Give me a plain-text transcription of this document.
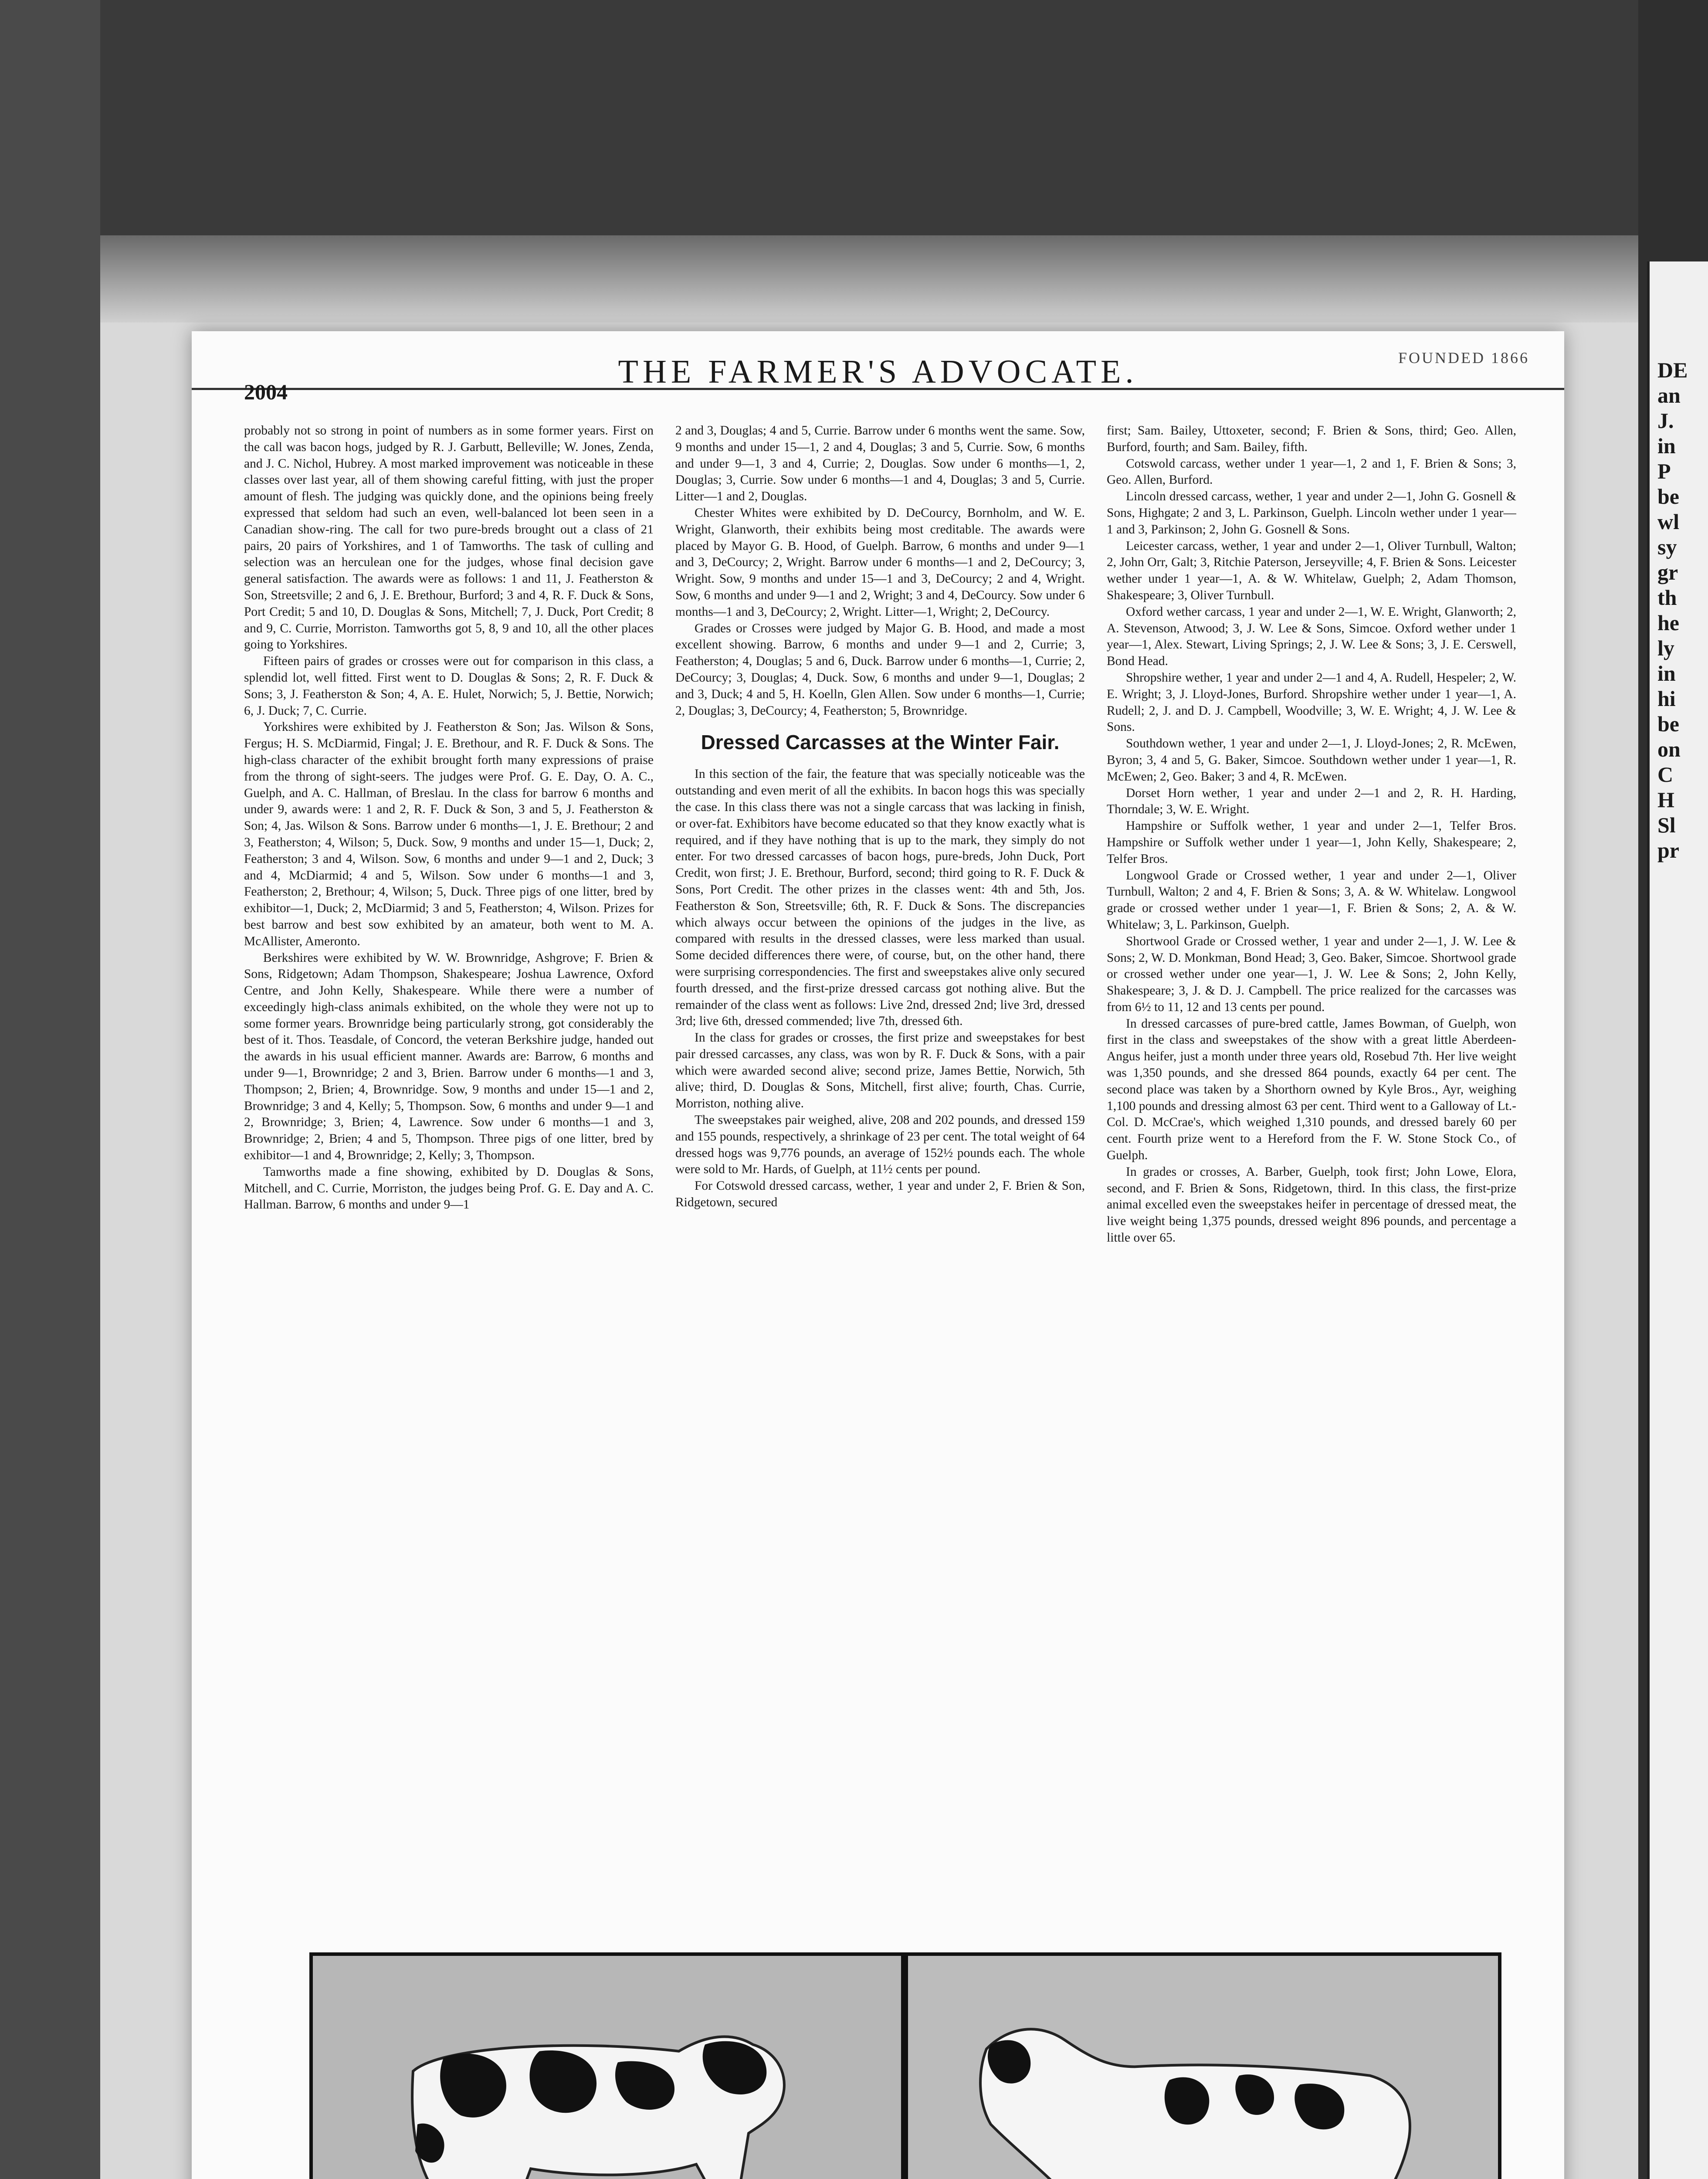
DE
an
J.
in
P
be
wl
sy
gr
th
he
ly
in
hi
be
on
C
H
Sl
pr
2004
THE FARMER'S ADVOCATE.	FOUNDED 1866

probably not so strong in point of numbers as in some former years. First on the call was bacon hogs, judged by R. J. Garbutt, Belleville; W. Jones, Zenda, and J. C. Nichol, Hubrey. A most marked improvement was noticeable in these classes over last year, all of them showing careful fitting, with just the proper amount of flesh. The judging was quickly done, and the opinions being freely expressed that seldom had such an even, well-balanced lot been seen in a Canadian show-ring. The call for two pure-breds brought out a class of 21 pairs, 20 pairs of Yorkshires, and 1 of Tamworths. The task of culling and selection was an herculean one for the judges, whose final decision gave general satisfaction. The awards were as follows: 1 and 11, J. Featherston & Son, Streetsville; 2 and 6, J. E. Brethour, Burford; 3 and 4, R. F. Duck & Sons, Port Credit; 5 and 10, D. Douglas & Sons, Mitchell; 7, J. Duck, Port Credit; 8 and 9, C. Currie, Morriston. Tamworths got 5, 8, 9 and 10, all the other places going to Yorkshires.

Fifteen pairs of grades or crosses were out for comparison in this class, a splendid lot, well fitted. First went to D. Douglas & Sons; 2, R. F. Duck & Sons; 3, J. Featherston & Son; 4, A. E. Hulet, Norwich; 5, J. Bettie, Norwich; 6, J. Duck; 7, C. Currie.

Yorkshires were exhibited by J. Featherston & Son; Jas. Wilson & Sons, Fergus; H. S. McDiarmid, Fingal; J. E. Brethour, and R. F. Duck & Sons. The high-class character of the exhibit brought forth many expressions of praise from the throng of sight-seers. The judges were Prof. G. E. Day, O. A. C., Guelph, and A. C. Hallman, of Breslau. In the class for barrow 6 months and under 9, awards were: 1 and 2, R. F. Duck & Son, 3 and 5, J. Featherston & Son; 4, Jas. Wilson & Sons. Barrow under 6 months—1, J. E. Brethour; 2 and 3, Featherston; 4, Wilson; 5, Duck. Sow, 9 months and under 15—1, Duck; 2, Featherston; 3 and 4, Wilson. Sow, 6 months and under 9—1 and 2, Duck; 3 and 4, McDiarmid; 4 and 5, Wilson. Sow under 6 months—1 and 3, Featherston; 2, Brethour; 4, Wilson; 5, Duck. Three pigs of one litter, bred by exhibitor—1, Duck; 2, McDiarmid; 3 and 5, Featherston; 4, Wilson. Prizes for best barrow and best sow exhibited by an amateur, both went to M. A. McAllister, Ameronto.

Berkshires were exhibited by W. W. Brownridge, Ashgrove; F. Brien & Sons, Ridgetown; Adam Thompson, Shakespeare; Joshua Lawrence, Oxford Centre, and John Kelly, Shakespeare. While there were a number of exceedingly high-class animals exhibited, on the whole they were not up to some former years. Brownridge being particularly strong, got considerably the best of it. Thos. Teasdale, of Concord, the veteran Berkshire judge, handed out the awards in his usual efficient manner. Awards are: Barrow, 6 months and under 9—1, Brownridge; 2 and 3, Brien. Barrow under 6 months—1 and 3, Thompson; 2, Brien; 4, Brownridge. Sow, 9 months and under 15—1 and 2, Brownridge; 3 and 4, Kelly; 5, Thompson. Sow, 6 months and under 9—1 and 2, Brownridge; 3, Brien; 4, Lawrence. Sow under 6 months—1 and 3, Brownridge; 2, Brien; 4 and 5, Thompson. Three pigs of one litter, bred by exhibitor—1 and 4, Brownridge; 2, Kelly; 3, Thompson.

Tamworths made a fine showing, exhibited by D. Douglas & Sons, Mitchell, and C. Currie, Morriston, the judges being Prof. G. E. Day and A. C. Hallman. Barrow, 6 months and under 9—1

2 and 3, Douglas; 4 and 5, Currie. Barrow under 6 months went the same. Sow, 9 months and under 15—1, 2 and 4, Douglas; 3 and 5, Currie. Sow, 6 months and under 9—1, 3 and 4, Currie; 2, Douglas. Sow under 6 months—1, 2, Douglas; 3, Currie. Sow under 6 months—1 and 4, Douglas; 3 and 5, Currie. Litter—1 and 2, Douglas.

Chester Whites were exhibited by D. DeCourcy, Bornholm, and W. E. Wright, Glanworth, their exhibits being most creditable. The awards were placed by Mayor G. B. Hood, of Guelph. Barrow, 6 months and under 9—1 and 3, DeCourcy; 2, Wright. Barrow under 6 months—1 and 2, DeCourcy; 3, Wright. Sow, 9 months and under 15—1 and 3, DeCourcy; 2 and 4, Wright. Sow, 6 months and under 9—1 and 2, Wright; 3 and 4, DeCourcy. Sow under 6 months—1 and 3, DeCourcy; 2, Wright. Litter—1, Wright; 2, DeCourcy.

Grades or Crosses were judged by Major G. B. Hood, and made a most excellent showing. Barrow, 6 months and under 9—1 and 2, Currie; 3, Featherston; 4, Douglas; 5 and 6, Duck. Barrow under 6 months—1, Currie; 2, DeCourcy; 3, Douglas; 4, Duck. Sow, 6 months and under 9—1, Douglas; 2 and 3, Duck; 4 and 5, H. Koelln, Glen Allen. Sow under 6 months—1, Currie; 2, Douglas; 3, DeCourcy; 4, Featherston; 5, Brownridge.

Dressed Carcasses at the Winter Fair.

In this section of the fair, the feature that was specially noticeable was the outstanding and even merit of all the exhibits. In bacon hogs this was specially the case. In this class there was not a single carcass that was lacking in finish, or over-fat. Exhibitors have become educated so that they know exactly what is required, and if they have nothing that is up to the mark, they simply do not enter. For two dressed carcasses of bacon hogs, pure-breds, John Duck, Port Credit, won first; J. E. Brethour, Burford, second; third going to R. F. Duck & Sons, Port Credit. The other prizes in the classes went: 4th and 5th, Jos. Featherston & Son, Streetsville; 6th, R. F. Duck & Sons. The discrepancies which always occur between the opinions of the judges in the live, as compared with results in the dressed classes, were less marked than usual. Some decided differences there were, of course, but, on the other hand, there were surprising correspondencies. The first and sweepstakes alive only secured fourth dressed, and the first-prize dressed carcass got nothing alive. But the remainder of the class went as follows: Live 2nd, dressed 2nd; live 3rd, dressed 3rd; live 6th, dressed commended; live 7th, dressed 6th.

In the class for grades or crosses, the first prize and sweepstakes for best pair dressed carcasses, any class, was won by R. F. Duck & Sons, with a pair which were awarded second alive; second prize, James Bettie, Norwich, 5th alive; third, D. Douglas & Sons, Mitchell, first alive; fourth, Chas. Currie, Morriston, nothing alive.

The sweepstakes pair weighed, alive, 208 and 202 pounds, and dressed 159 and 155 pounds, respectively, a shrinkage of 23 per cent. The total weight of 64 dressed hogs was 9,776 pounds, an average of 152½ pounds each. The whole were sold to Mr. Hards, of Guelph, at 11½ cents per pound.

For Cotswold dressed carcass, wether, 1 year and under 2, F. Brien & Son, Ridgetown, secured

first; Sam. Bailey, Uttoxeter, second; F. Brien & Sons, third; Geo. Allen, Burford, fourth; and Sam. Bailey, fifth.

Cotswold carcass, wether under 1 year—1, 2 and 1, F. Brien & Sons; 3, Geo. Allen, Burford.

Lincoln dressed carcass, wether, 1 year and under 2—1, John G. Gosnell & Sons, Highgate; 2 and 3, L. Parkinson, Guelph. Lincoln wether under 1 year—1 and 3, Parkinson; 2, John G. Gosnell & Sons.

Leicester carcass, wether, 1 year and under 2—1, Oliver Turnbull, Walton; 2, John Orr, Galt; 3, Ritchie Paterson, Jerseyville; 4, F. Brien & Sons. Leicester wether under 1 year—1, A. & W. Whitelaw, Guelph; 2, Adam Thomson, Shakespeare; 3, Oliver Turnbull.

Oxford wether carcass, 1 year and under 2—1, W. E. Wright, Glanworth; 2, A. Stevenson, Atwood; 3, J. W. Lee & Sons, Simcoe. Oxford wether under 1 year—1, Alex. Stewart, Living Springs; 2, J. W. Lee & Sons; 3, J. E. Cerswell, Bond Head.

Shropshire wether, 1 year and under 2—1 and 4, A. Rudell, Hespeler; 2, W. E. Wright; 3, J. Lloyd-Jones, Burford. Shropshire wether under 1 year—1, A. Rudell; 2, J. and D. J. Campbell, Woodville; 3, W. E. Wright; 4, J. W. Lee & Sons.

Southdown wether, 1 year and under 2—1, J. Lloyd-Jones; 2, R. McEwen, Byron; 3, 4 and 5, G. Baker, Simcoe. Southdown wether under 1 year—1, R. McEwen; 2, Geo. Baker; 3 and 4, R. McEwen.

Dorset Horn wether, 1 year and under 2—1 and 2, R. H. Harding, Thorndale; 3, W. E. Wright.

Hampshire or Suffolk wether, 1 year and under 2—1, Telfer Bros. Hampshire or Suffolk wether under 1 year—1, John Kelly, Shakespeare; 2, Telfer Bros.

Longwool Grade or Crossed wether, 1 year and under 2—1, Oliver Turnbull, Walton; 2 and 4, F. Brien & Sons; 3, A. & W. Whitelaw. Longwool grade or crossed wether under 1 year—1, F. Brien & Sons; 2, A. & W. Whitelaw; 3, L. Parkinson, Guelph.

Shortwool Grade or Crossed wether, 1 year and under 2—1, J. W. Lee & Sons; 2, W. D. Monkman, Bond Head; 3, Geo. Baker, Simcoe. Shortwool grade or crossed wether under one year—1, J. W. Lee & Sons; 2, John Kelly, Shakespeare; 3, J. & D. J. Campbell. The price realized for the carcasses was from 6½ to 11, 12 and 13 cents per pound.

In dressed carcasses of pure-bred cattle, James Bowman, of Guelph, won first in the class and sweepstakes of the show with a great little Aberdeen-Angus heifer, just a month under three years old, Rosebud 7th. Her live weight was 1,350 pounds, and she dressed 864 pounds, exactly 64 per cent. The second place was taken by a Shorthorn owned by Kyle Bros., Ayr, weighing 1,100 pounds and dressing almost 63 per cent. Third went to a Galloway of Lt.-Col. D. McCrae's, which weighed 1,310 pounds, and dressed barely 60 per cent. Fourth prize went to a Hereford from the F. W. Stone Stock Co., of Guelph.

In grades or crosses, A. Barber, Guelph, took first; John Lowe, Elora, second, and F. Brien & Sons, Ridgetown, third. In this class, the first-prize animal excelled even the sweepstakes heifer in percentage of dressed meat, the live weight being 1,375 pounds, dressed weight 896 pounds, and percentage a little over 65.
